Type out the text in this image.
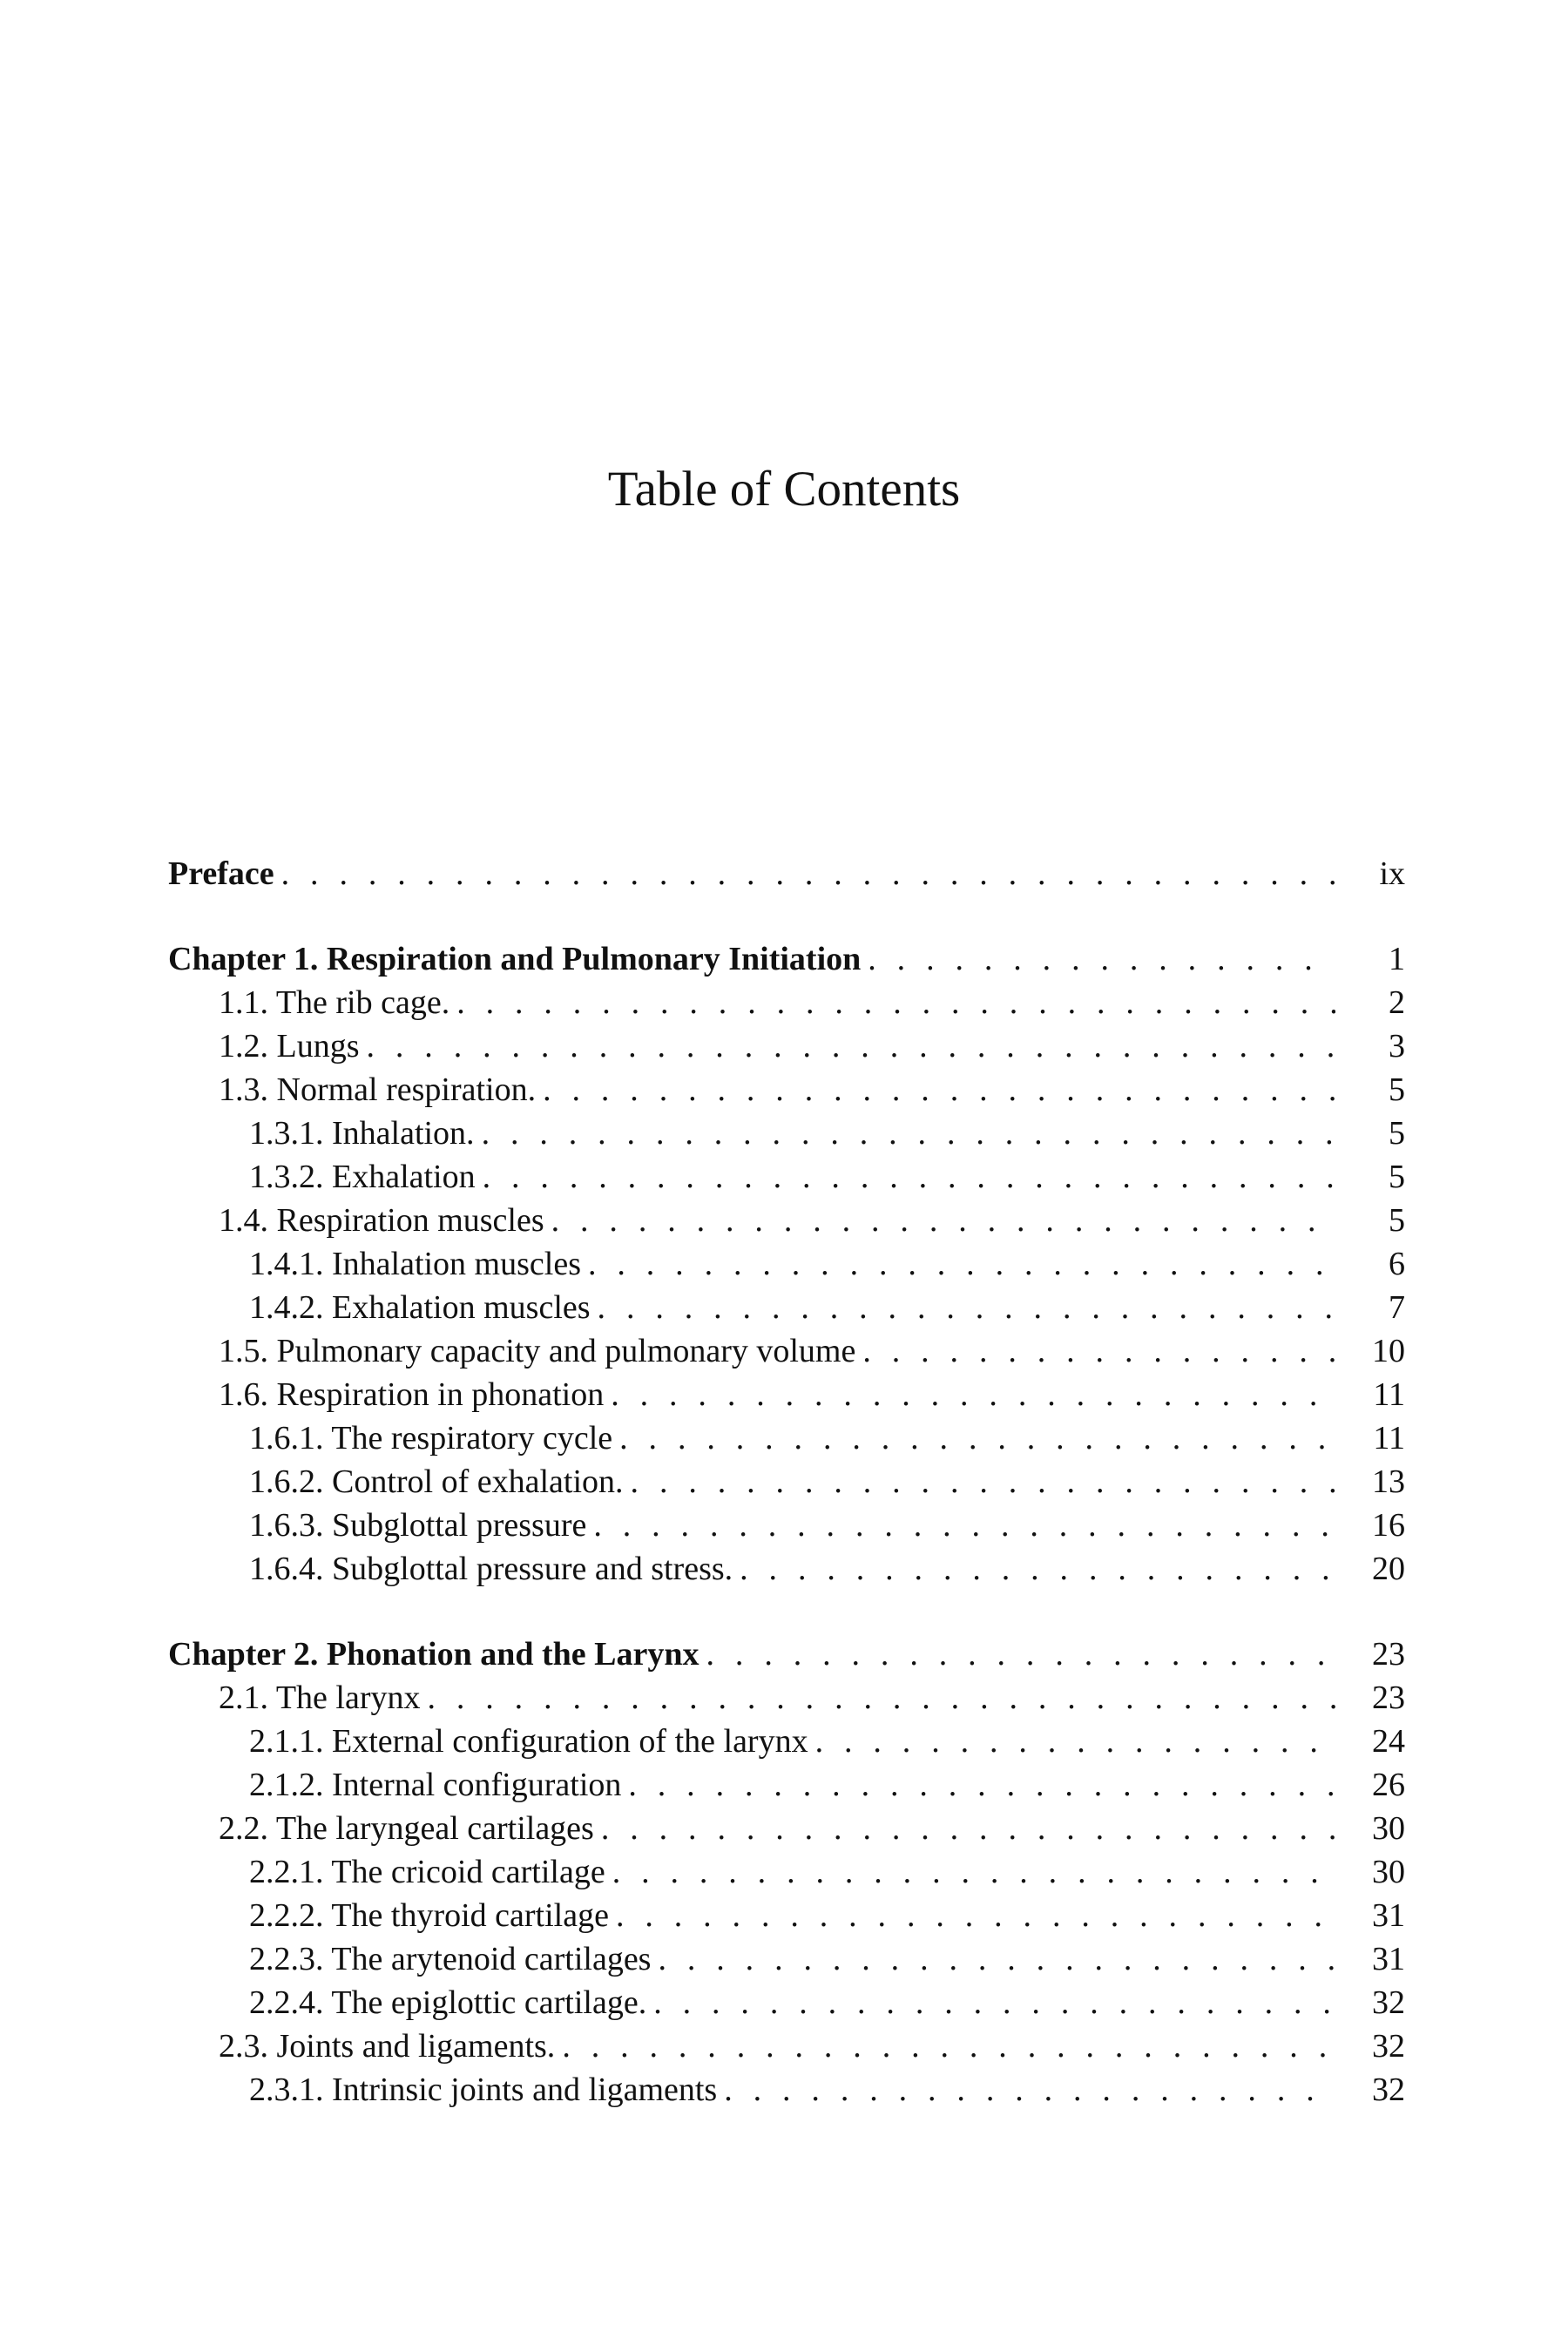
Table of Contents
Preface . . .	ix
Chapter 1. Respiration and Pulmonary Initiation . . .	1
1.1. The rib cage. . . .	2
1.2. Lungs . . .	3
1.3. Normal respiration. . . .	5
1.3.1. Inhalation. . . .	5
1.3.2. Exhalation . . .	5
1.4. Respiration muscles . . .	5
1.4.1. Inhalation muscles . . .	6
1.4.2. Exhalation muscles . . .	7
1.5. Pulmonary capacity and pulmonary volume . . .	10
1.6. Respiration in phonation . . .	11
1.6.1. The respiratory cycle . . .	11
1.6.2. Control of exhalation. . . .	13
1.6.3. Subglottal pressure . . .	16
1.6.4. Subglottal pressure and stress. . . .	20
Chapter 2. Phonation and the Larynx . . .	23
2.1. The larynx . . .	23
2.1.1. External configuration of the larynx . . .	24
2.1.2. Internal configuration . . .	26
2.2. The laryngeal cartilages . . .	30
2.2.1. The cricoid cartilage . . .	30
2.2.2. The thyroid cartilage . . .	31
2.2.3. The arytenoid cartilages . . .	31
2.2.4. The epiglottic cartilage. . . .	32
2.3. Joints and ligaments. . . .	32
2.3.1. Intrinsic joints and ligaments . . .	32
